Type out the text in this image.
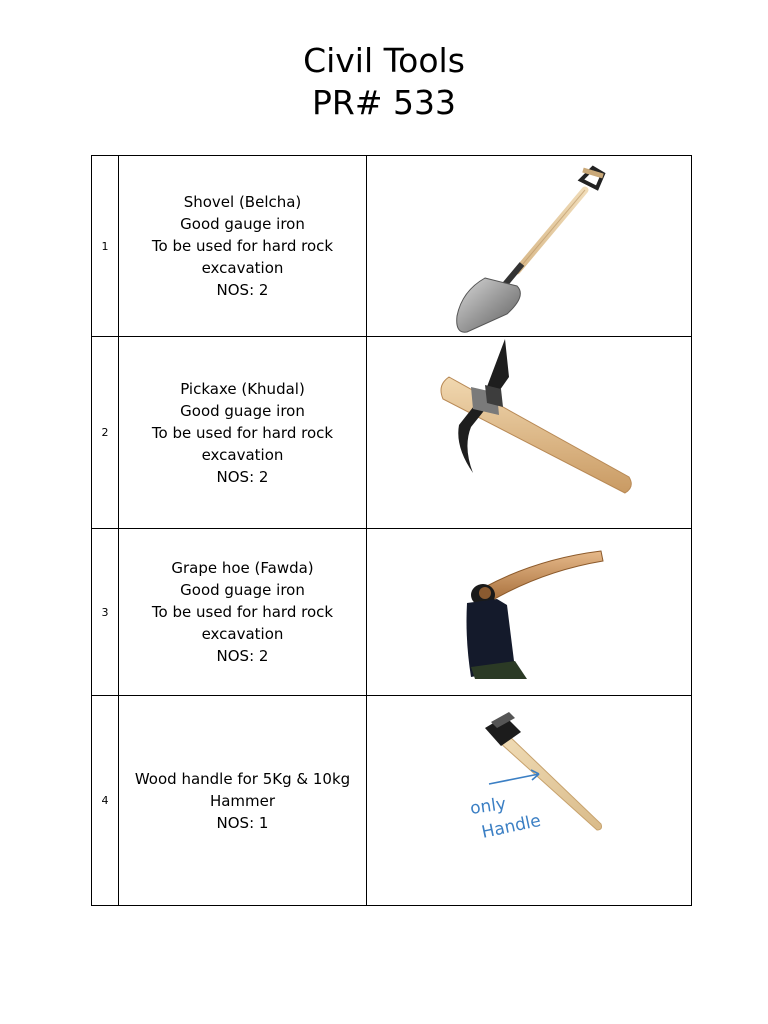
Civil Tools
PR# 533
1	Shovel (Belcha)
Good gauge iron
To be used for hard rock
excavation
NOS: 2

2	Pickaxe (Khudal)
Good guage iron
To be used for hard rock
excavation
NOS: 2

3	Grape hoe (Fawda)
Good guage iron
To be used for hard rock
excavation
NOS: 2

4	Wood handle for 5Kg & 10kg
Hammer
NOS: 1	only
Handle
